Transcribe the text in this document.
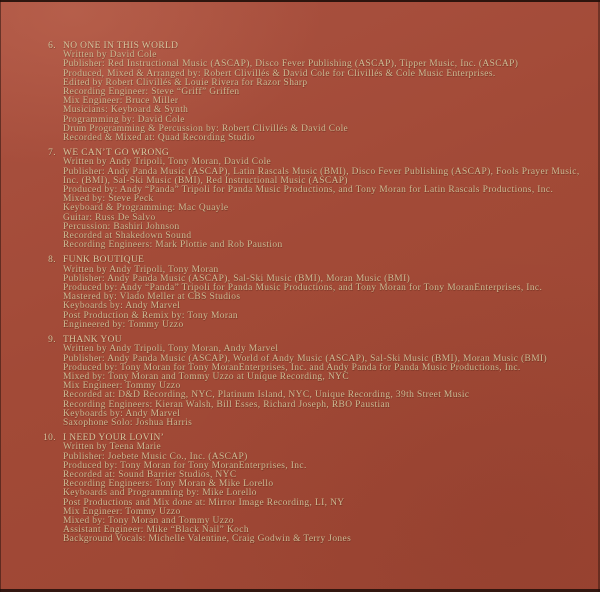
6. NO ONE IN THIS WORLD
Written by David Cole
Publisher: Red Instructional Music (ASCAP), Disco Fever Publishing (ASCAP), Tipper Music, Inc. (ASCAP)
Produced, Mixed & Arranged by: Robert Clivillés & David Cole for Clivillés & Cole Music Enterprises.
Edited by Robert Clivillés & Louie Rivera for Razor Sharp
Recording Engineer: Steve “Griff” Griffen
Mix Engineer: Bruce Miller
Musicians: Keyboard & Synth
Programming by: David Cole
Drum Programming & Percussion by: Robert Clivillés & David Cole
Recorded & Mixed at: Quad Recording Studio
7. WE CAN’T GO WRONG
Written by Andy Tripoli, Tony Moran, David Cole
Publisher: Andy Panda Music (ASCAP), Latin Rascals Music (BMI), Disco Fever Publishing (ASCAP), Fools Prayer Music, Inc. (BMI), Sal-Ski Music (BMI), Red Instructional Music (ASCAP)
Produced by: Andy “Panda” Tripoli for Panda Music Productions, and Tony Moran for Latin Rascals Productions, Inc.
Mixed by: Steve Peck
Keyboard & Programming: Mac Quayle
Guitar: Russ De Salvo
Percussion: Bashiri Johnson
Recorded at Shakedown Sound
Recording Engineers: Mark Plottie and Rob Paustion
8. FUNK BOUTIQUE
Written by Andy Tripoli, Tony Moran
Publisher: Andy Panda Music (ASCAP), Sal-Ski Music (BMI), Moran Music (BMI)
Produced by: Andy “Panda” Tripoli for Panda Music Productions, and Tony Moran for Tony MoranEnterprises, Inc.
Mastered by: Vlado Meller at CBS Studios
Keyboards by: Andy Marvel
Post Production & Remix by: Tony Moran
Engineered by: Tommy Uzzo
9. THANK YOU
Written by Andy Tripoli, Tony Moran, Andy Marvel
Publisher: Andy Panda Music (ASCAP), World of Andy Music (ASCAP), Sal-Ski Music (BMI), Moran Music (BMI)
Produced by: Tony Moran for Tony MoranEnterprises, Inc. and Andy Panda for Panda Music Productions, Inc.
Mixed by: Tony Moran and Tommy Uzzo at Unique Recording, NYC
Mix Engineer: Tommy Uzzo
Recorded at: D&D Recording, NYC, Platinum Island, NYC, Unique Recording, 39th Street Music
Recording Engineers: Kieran Walsh, Bill Esses, Richard Joseph, RBO Paustian
Keyboards by: Andy Marvel
Saxophone Solo: Joshua Harris
10. I NEED YOUR LOVIN’
Written by Teena Marie
Publisher: Joebete Music Co., Inc. (ASCAP)
Produced by: Tony Moran for Tony MoranEnterprises, Inc.
Recorded at: Sound Barrier Studios, NYC
Recording Engineers: Tony Moran & Mike Lorello
Keyboards and Programming by: Mike Lorello
Post Productions and Mix done at: Mirror Image Recording, LI, NY
Mix Engineer: Tommy Uzzo
Mixed by: Tony Moran and Tommy Uzzo
Assistant Engineer: Mike “Black Nail” Koch
Background Vocals: Michelle Valentine, Craig Godwin & Terry Jones
